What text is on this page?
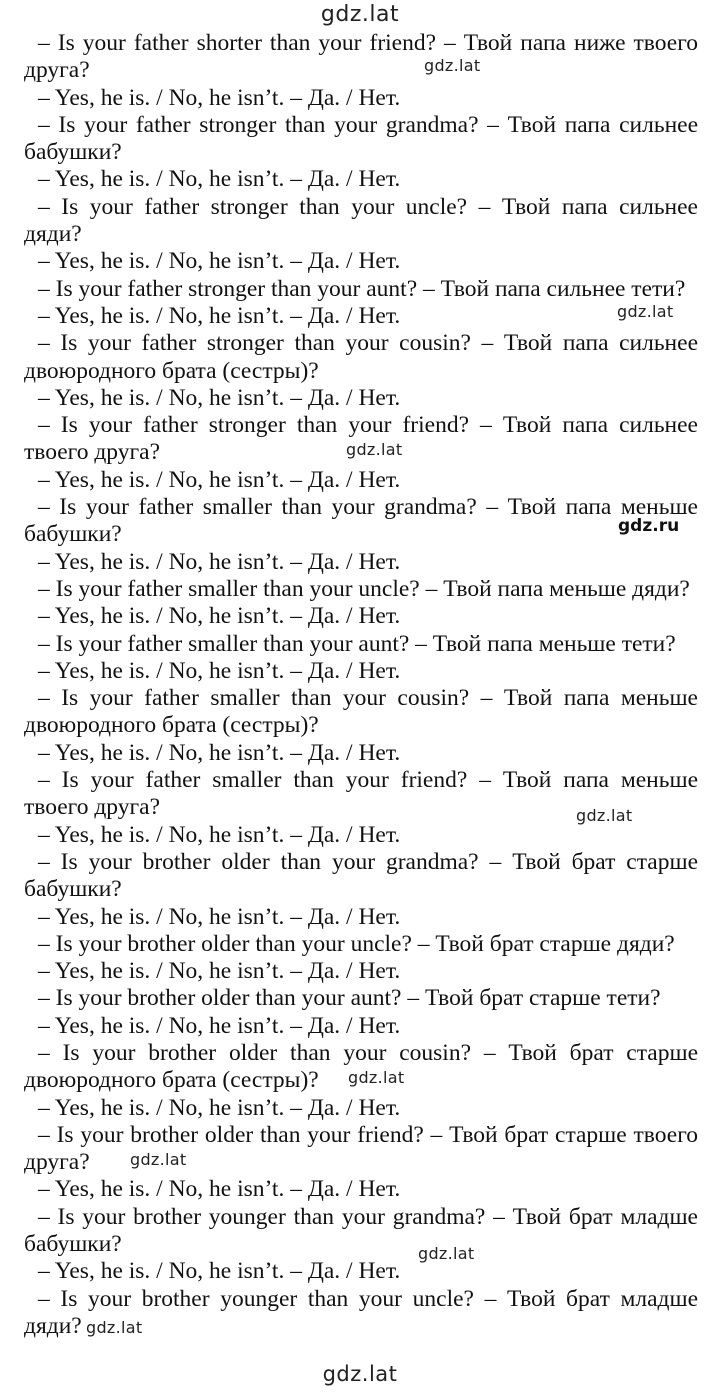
gdz.lat
– Is your father shorter than your friend? – Твой папа ниже твоего
друга?
– Yes, he is. / No, he isn’t. – Да. / Нет.
– Is your father stronger than your grandma? – Твой папа сильнее
бабушки?
– Yes, he is. / No, he isn’t. – Да. / Нет.
– Is your father stronger than your uncle? – Твой папа сильнее
дяди?
– Yes, he is. / No, he isn’t. – Да. / Нет.
– Is your father stronger than your aunt? – Твой папа сильнее тети?
– Yes, he is. / No, he isn’t. – Да. / Нет.
– Is your father stronger than your cousin? – Твой папа сильнее
двоюродного брата (сестры)?
– Yes, he is. / No, he isn’t. – Да. / Нет.
– Is your father stronger than your friend? – Твой папа сильнее
твоего друга?
– Yes, he is. / No, he isn’t. – Да. / Нет.
– Is your father smaller than your grandma? – Твой папа меньше
бабушки?
– Yes, he is. / No, he isn’t. – Да. / Нет.
– Is your father smaller than your uncle? – Твой папа меньше дяди?
– Yes, he is. / No, he isn’t. – Да. / Нет.
– Is your father smaller than your aunt? – Твой папа меньше тети?
– Yes, he is. / No, he isn’t. – Да. / Нет.
– Is your father smaller than your cousin? – Твой папа меньше
двоюродного брата (сестры)?
– Yes, he is. / No, he isn’t. – Да. / Нет.
– Is your father smaller than your friend? – Твой папа меньше
твоего друга?
– Yes, he is. / No, he isn’t. – Да. / Нет.
– Is your brother older than your grandma? – Твой брат старше
бабушки?
– Yes, he is. / No, he isn’t. – Да. / Нет.
– Is your brother older than your uncle? – Твой брат старше дяди?
– Yes, he is. / No, he isn’t. – Да. / Нет.
– Is your brother older than your aunt? – Твой брат старше тети?
– Yes, he is. / No, he isn’t. – Да. / Нет.
– Is your brother older than your cousin? – Твой брат старше
двоюродного брата (сестры)?
– Yes, he is. / No, he isn’t. – Да. / Нет.
– Is your brother older than your friend? – Твой брат старше твоего
друга?
– Yes, he is. / No, he isn’t. – Да. / Нет.
– Is your brother younger than your grandma? – Твой брат младше
бабушки?
– Yes, he is. / No, he isn’t. – Да. / Нет.
– Is your brother younger than your uncle? – Твой брат младше
дяди?
gdz.lat
gdz.lat
gdz.lat
gdz.ru
gdz.lat
gdz.lat
gdz.lat
gdz.lat
gdz.lat
gdz.lat
